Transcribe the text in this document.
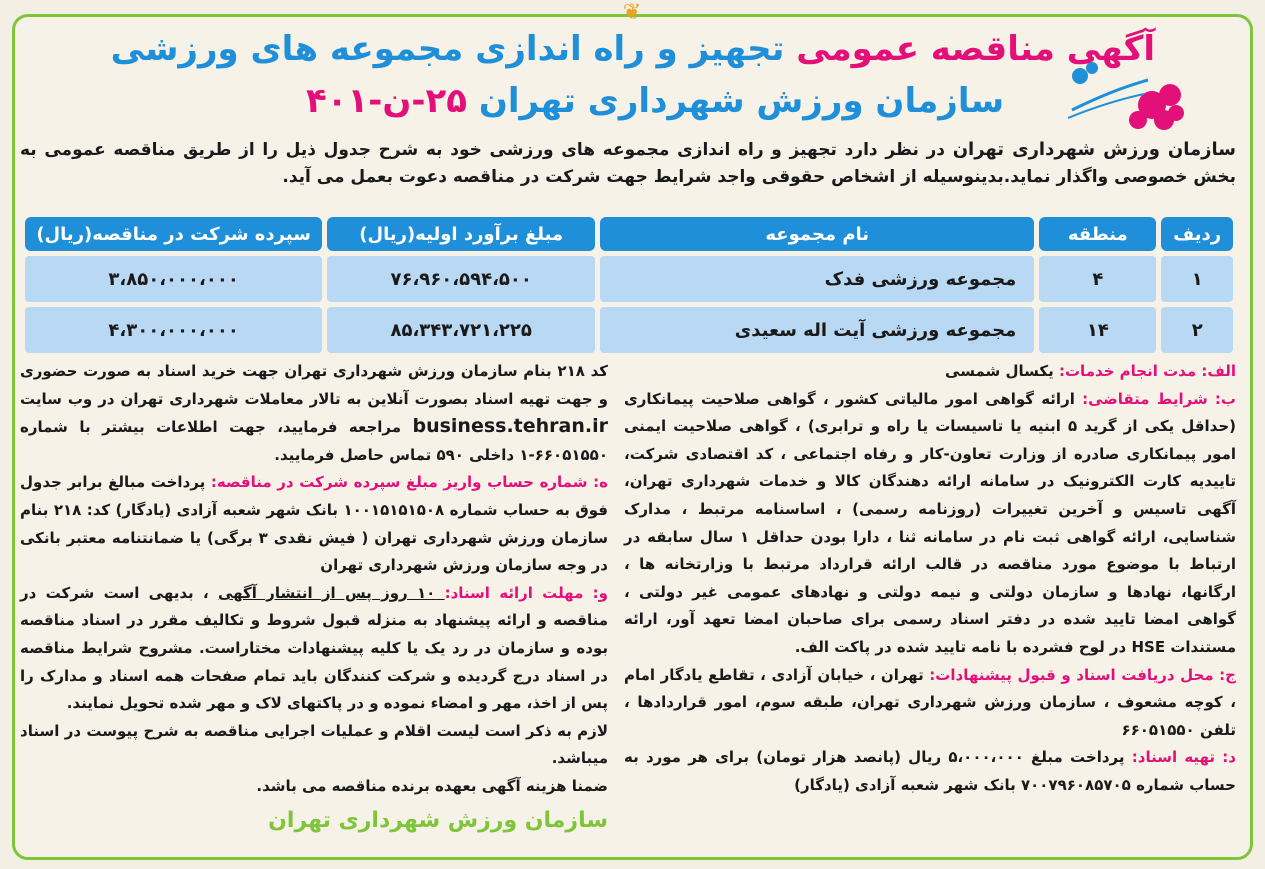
❦
آگهی مناقصه عمومی تجهیز و راه اندازی مجموعه های ورزشی
سازمان ورزش شهرداری تهران ۲۵-ن-۴۰۱
سازمان ورزش شهرداری تهران در نظر دارد تجهیز و راه اندازی مجموعه های ورزشی خود به شرح جدول ذیل را از طریق مناقصه عمومی به بخش خصوصی واگذار نماید.بدینوسیله از اشخاص حقوقی واجد شرایط جهت شرکت در مناقصه دعوت بعمل می آید.
ردیف	منطقه	نام مجموعه	مبلغ برآورد اولیه(ریال)	سپرده شرکت در مناقصه(ریال)
۱	۴	مجموعه ورزشی فدک	۷۶،۹۶۰،۵۹۴،۵۰۰	۳،۸۵۰،۰۰۰،۰۰۰
۲	۱۴	مجموعه ورزشی آیت اله سعیدی	۸۵،۳۴۳،۷۲۱،۲۲۵	۴،۳۰۰،۰۰۰،۰۰۰
الف: مدت انجام خدمات: یکسال شمسی
ب: شرایط متقاضی: ارائه گواهی امور مالیاتی کشور ، گواهی صلاحیت پیمانکاری (حداقل یکی از گرید ۵ ابنیه یا تاسیسات یا راه و ترابری) ، گواهی صلاحیت ایمنی امور پیمانکاری صادره از وزارت تعاون-کار و رفاه اجتماعی ، کد اقتصادی شرکت، تاییدیه کارت الکترونیک در سامانه ارائه دهندگان کالا و خدمات شهرداری تهران، آگهی تاسیس و آخرین تغییرات (روزنامه رسمی) ، اساسنامه مرتبط ، مدارک شناسایی، ارائه گواهی ثبت نام در سامانه ثنا ، دارا بودن حداقل ۱ سال سابقه در ارتباط با موضوع مورد مناقصه در قالب ارائه قرارداد مرتبط با وزارتخانه ها ، ارگانها، نهادها و سازمان دولتی و نیمه دولتی و نهادهای عمومی غیر دولتی ، گواهی امضا تایید شده در دفتر اسناد رسمی برای صاحبان امضا تعهد آور، ارائه مستندات HSE در لوح فشرده با نامه تایید شده در پاکت الف.
ج: محل دریافت اسناد و قبول پیشنهادات: تهران ، خیابان آزادی ، تقاطع یادگار امام ، کوچه مشعوف ، سازمان ورزش شهرداری تهران، طبقه سوم، امور قراردادها ، تلفن ۶۶۰۵۱۵۵۰
د: تهیه اسناد: پرداخت مبلغ ۵،۰۰۰،۰۰۰ ریال (پانصد هزار تومان) برای هر مورد به حساب شماره ۷۰۰۷۹۶۰۸۵۷۰۵ بانک شهر شعبه آزادی (یادگار)
کد ۲۱۸ بنام سازمان ورزش شهرداری تهران جهت خرید اسناد به صورت حضوری و جهت تهیه اسناد بصورت آنلاین به تالار معاملات شهرداری تهران در وب سایت business.tehran.ir مراجعه فرمایید، جهت اطلاعات بیشتر با شماره ۶۶۰۵۱۵۵۰-۱ داخلی ۵۹۰ تماس حاصل فرمایید.
ه: شماره حساب واریز مبلغ سپرده شرکت در مناقصه: پرداخت مبالغ برابر جدول فوق به حساب شماره ۱۰۰۱۵۱۵۱۵۰۸ بانک شهر شعبه آزادی (یادگار) کد: ۲۱۸ بنام سازمان ورزش شهرداری تهران ( فیش نقدی ۳ برگی) یا ضمانتنامه معتبر بانکی در وجه سازمان ورزش شهرداری تهران
و: مهلت ارائه اسناد: ۱۰ روز پس از انتشار آگهی ، بدیهی است شرکت در مناقصه و ارائه پیشنهاد به منزله قبول شروط و تکالیف مقرر در اسناد مناقصه بوده و سازمان در رد یک یا کلیه پیشنهادات مختاراست. مشروح شرایط مناقصه در اسناد درج گردیده و شرکت کنندگان باید تمام صفحات همه اسناد و مدارک را پس از اخذ، مهر و امضاء نموده و در پاکتهای لاک و مهر شده تحویل نمایند.
لازم به ذکر است لیست اقلام و عملیات اجرایی مناقصه به شرح پیوست در اسناد میباشد.
ضمنا هزینه آگهی بعهده برنده مناقصه می باشد.
سازمان ورزش شهرداری تهران
